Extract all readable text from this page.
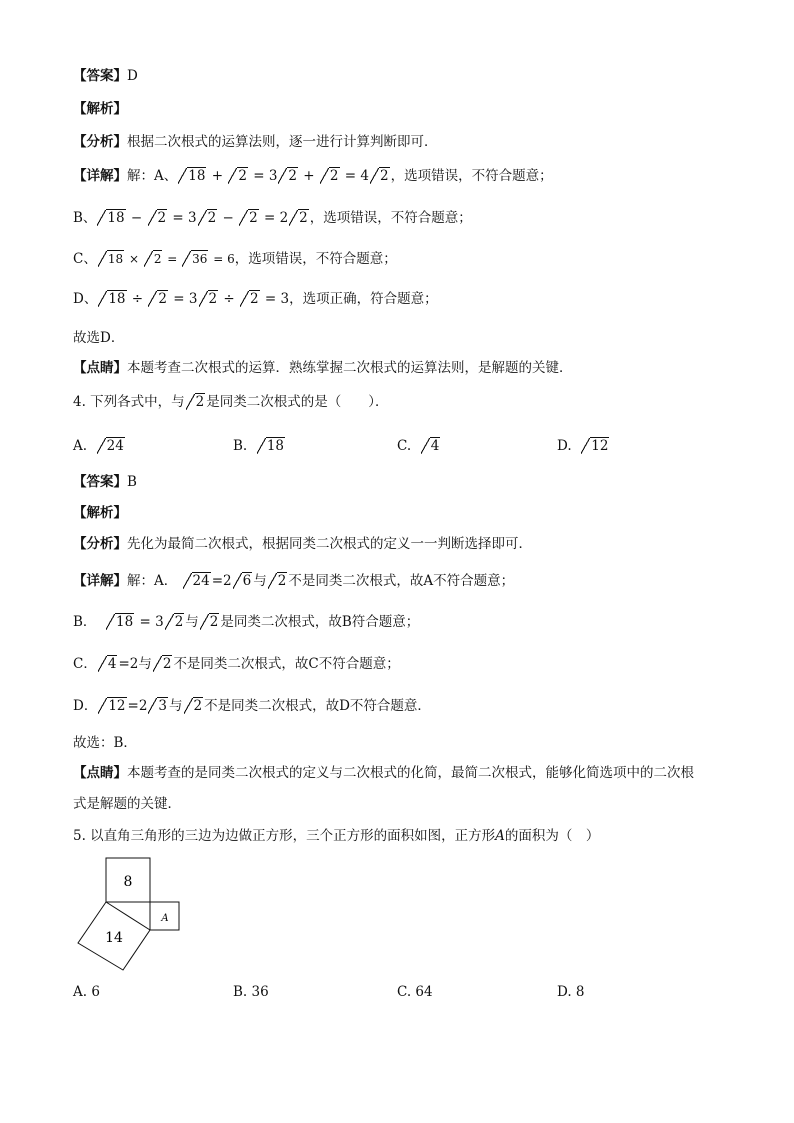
【答案】D
【解析】
【分析】根据二次根式的运算法则，逐一进行计算判断即可．
【详解】解：A、 18 + 2 = 3 2 + 2 = 4 2 ，选项错误，不符合题意；
B、 18 − 2 = 3 2 − 2 = 2 2 ，选项错误，不符合题意；
C、 18 × 2 = 36 = 6，选项错误，不符合题意；
D、 18 ÷ 2 = 3 2 ÷ 2 = 3，选项正确，符合题意；
故选D．
【点睛】本题考查二次根式的运算．熟练掌握二次根式的运算法则，是解题的关键．
4. 下列各式中，与 2 是同类二次根式的是（　　）．
A. 24	B. 18	C. 4	D. 12
【答案】B
【解析】
【分析】先化为最简二次根式，根据同类二次根式的定义一一判断选择即可．
【详解】解：A． 24 =2 6 与 2 不是同类二次根式，故A不符合题意；
B． 18 = 3 2 与 2 是同类二次根式，故B符合题意；
C． 4 =2与 2 不是同类二次根式，故C不符合题意；
D． 12 =2 3 与 2 不是同类二次根式，故D不符合题意．
故选：B．
【点睛】本题考查的是同类二次根式的定义与二次根式的化简，最简二次根式，能够化简选项中的二次根
式是解题的关键．
5. 以直角三角形的三边为边做正方形，三个正方形的面积如图，正方形A的面积为（　）
8
A
14
A. 6	B. 36	C. 64	D. 8
